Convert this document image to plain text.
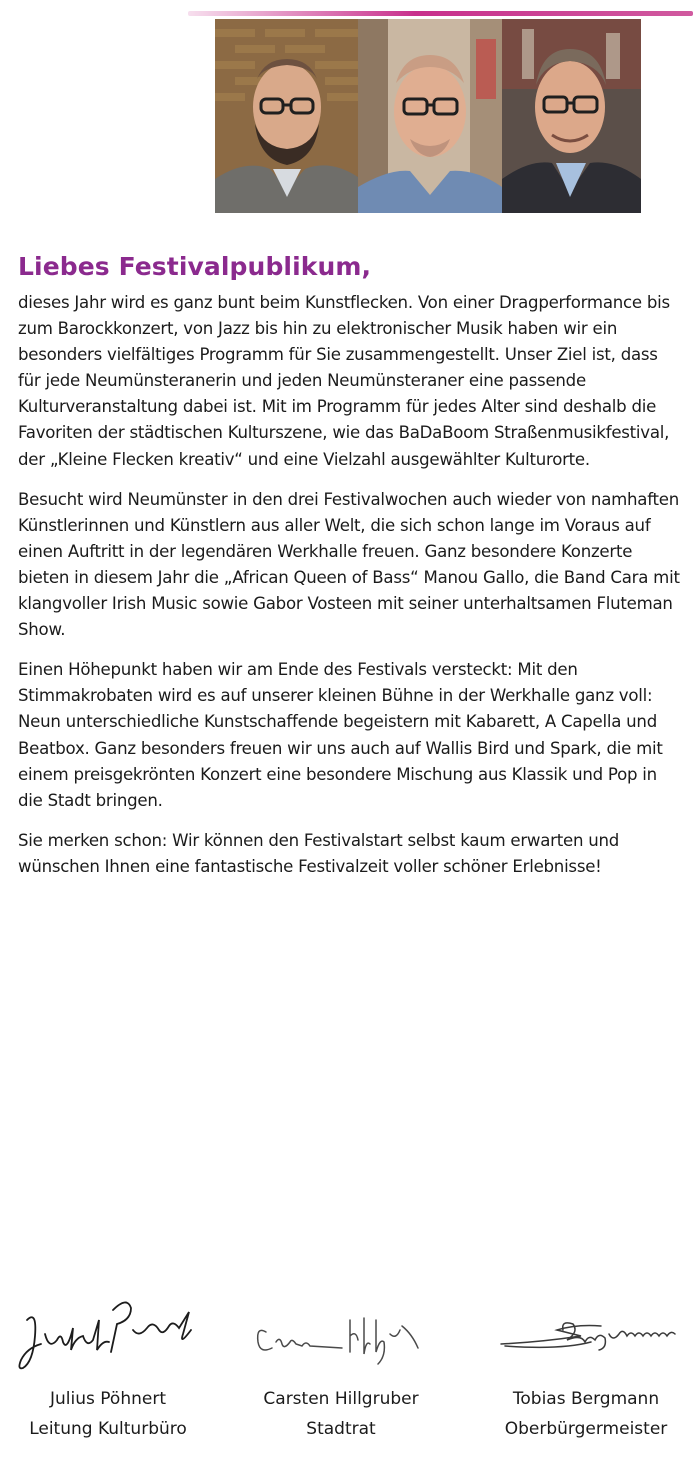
Liebes Festivalpublikum,

dieses Jahr wird es ganz bunt beim Kunstflecken. Von einer Dragperformance bis zum Barockkonzert, von Jazz bis hin zu elektronischer Musik haben wir ein besonders vielfältiges Programm für Sie zusammengestellt. Unser Ziel ist, dass für jede Neumünsteranerin und jeden Neumünsteraner eine passende Kulturveranstaltung dabei ist. Mit im Programm für jedes Alter sind deshalb die Favoriten der städtischen Kulturszene, wie das BaDaBoom Straßenmusikfestival, der „Kleine Flecken kreativ“ und eine Vielzahl ausgewählter Kulturorte.

Besucht wird Neumünster in den drei Festivalwochen auch wieder von namhaften Künstlerinnen und Künstlern aus aller Welt, die sich schon lange im Voraus auf einen Auftritt in der legendären Werkhalle freuen. Ganz besondere Konzerte bieten in diesem Jahr die „African Queen of Bass“ Manou Gallo, die Band Cara mit klangvoller Irish Music sowie Gabor Vosteen mit seiner unterhaltsamen Fluteman Show.

Einen Höhepunkt haben wir am Ende des Festivals versteckt: Mit den Stimmakrobaten wird es auf unserer kleinen Bühne in der Werkhalle ganz voll: Neun unterschiedliche Kunstschaffende begeistern mit Kabarett, A Capella und Beatbox. Ganz besonders freuen wir uns auch auf Wallis Bird und Spark, die mit einem preisgekrönten Konzert eine besondere Mischung aus Klassik und Pop in die Stadt bringen.

Sie merken schon: Wir können den Festivalstart selbst kaum erwarten und wünschen Ihnen eine fantastische Festivalzeit voller schöner Erlebnisse!

Julius Pöhnert
Leitung Kulturbüro
Carsten Hillgruber
Stadtrat
Tobias Bergmann
Oberbürgermeister
